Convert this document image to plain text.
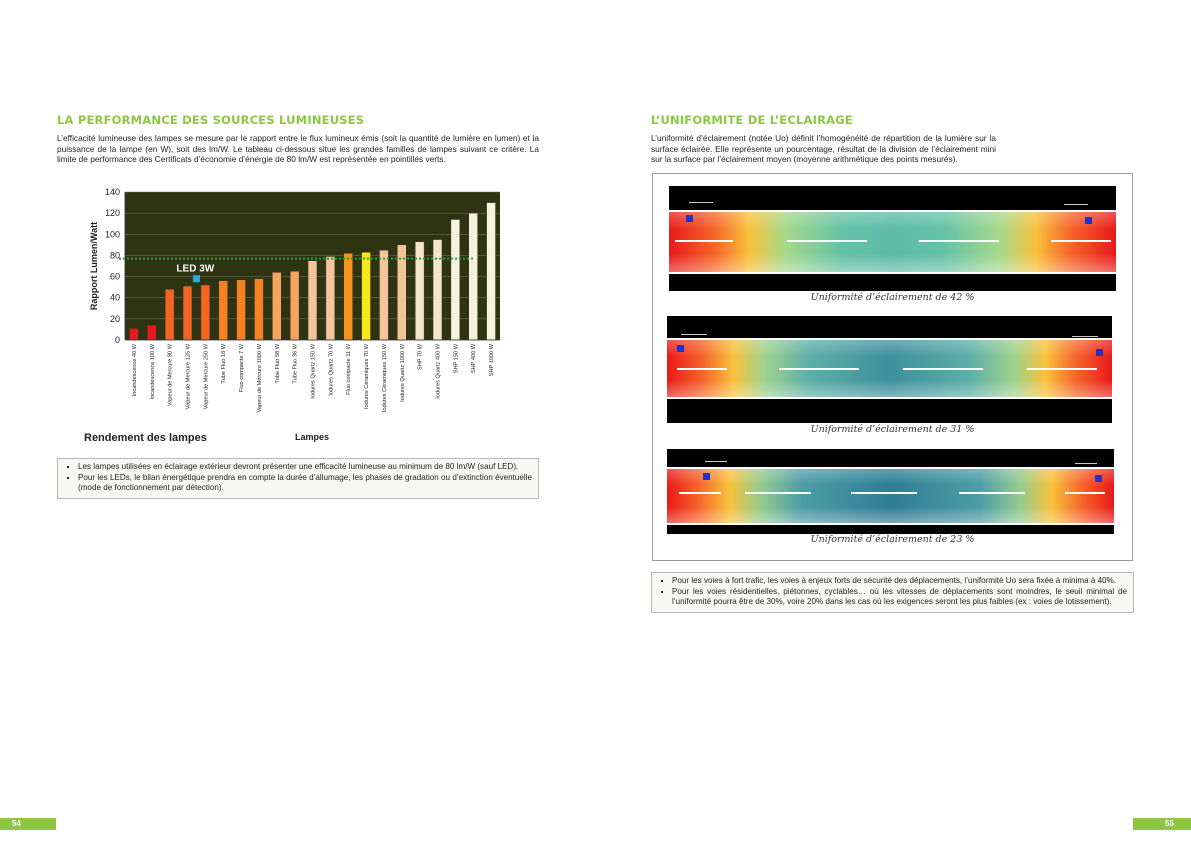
LA PERFORMANCE DES SOURCES LUMINEUSES
L’efficacité lumineuse des lampes se mesure par le rapport entre le flux lumineux émis (soit la quantité de lumière en lumen) et la puissance de la lampe (en W), soit des lm/W. Le tableau ci-dessous situe les grandes familles de lampes suivant ce critère. La limite de performance des Certificats d’économie d’énergie de 80 lm/W est représentée en pointillés verts.
0
20
40
60
80
100
120
140
Incandescence 40 W Incandescence 100 W Vapeur de Mercure 80 W Vapeur de Mercure 125 W Vapeur de Mercure 250 W Tube Fluo 18 W Fluo compacte 7 W Vapeur de Mercure 1000 W Tube Fluo 58 W Tube Fluo 36 W Iodures Quartz 150 W Iodures Quartz 70 W Fluo compacte 11 W Iodures Céramiques 70 W Iodures Céramiques 150 W Iodures Quartz 1000 W SHP 70 W Iodures Quartz 400 W SHP 150 W SHP 400 W SHP 1000 W
LED 3W
Rapport Lumen/Watt
Lampes
Rendement des lampes
▪ Les lampes utilisées en éclairage extérieur devront présenter une efficacité lumineuse au minimum de 80 lm/W (sauf LED).
▪ Pour les LEDs, le bilan énergétique prendra en compte la durée d’allumage, les phases de gradation ou d’extinction éventuelle (mode de fonctionnement par détection).
54
L’UNIFORMITE DE L’ECLAIRAGE
L’uniformité d’éclairement (notée Uo) définit l’homogénéité de répartition de la lumière sur la surface éclairée. Elle représente un pourcentage, résultat de la division de l’éclairement mini sur la surface par l’éclairement moyen (moyenne arithmétique des points mesurés).
Uniformité d’éclairement de 42 %
Uniformité d’éclairement de 31 %
Uniformité d’éclairement de 23 %
▪ Pour les voies à fort trafic, les voies à enjeux forts de sécurité des déplacements, l’uniformité Uo sera fixée à minima à 40%.
▪ Pour les voies résidentielles, piétonnes, cyclables… où les vitesses de déplacements sont moindres, le seuil minimal de l’uniformité pourra être de 30%, voire 20% dans les cas où les exigences seront les plus faibles (ex : voies de lotissement).
55
